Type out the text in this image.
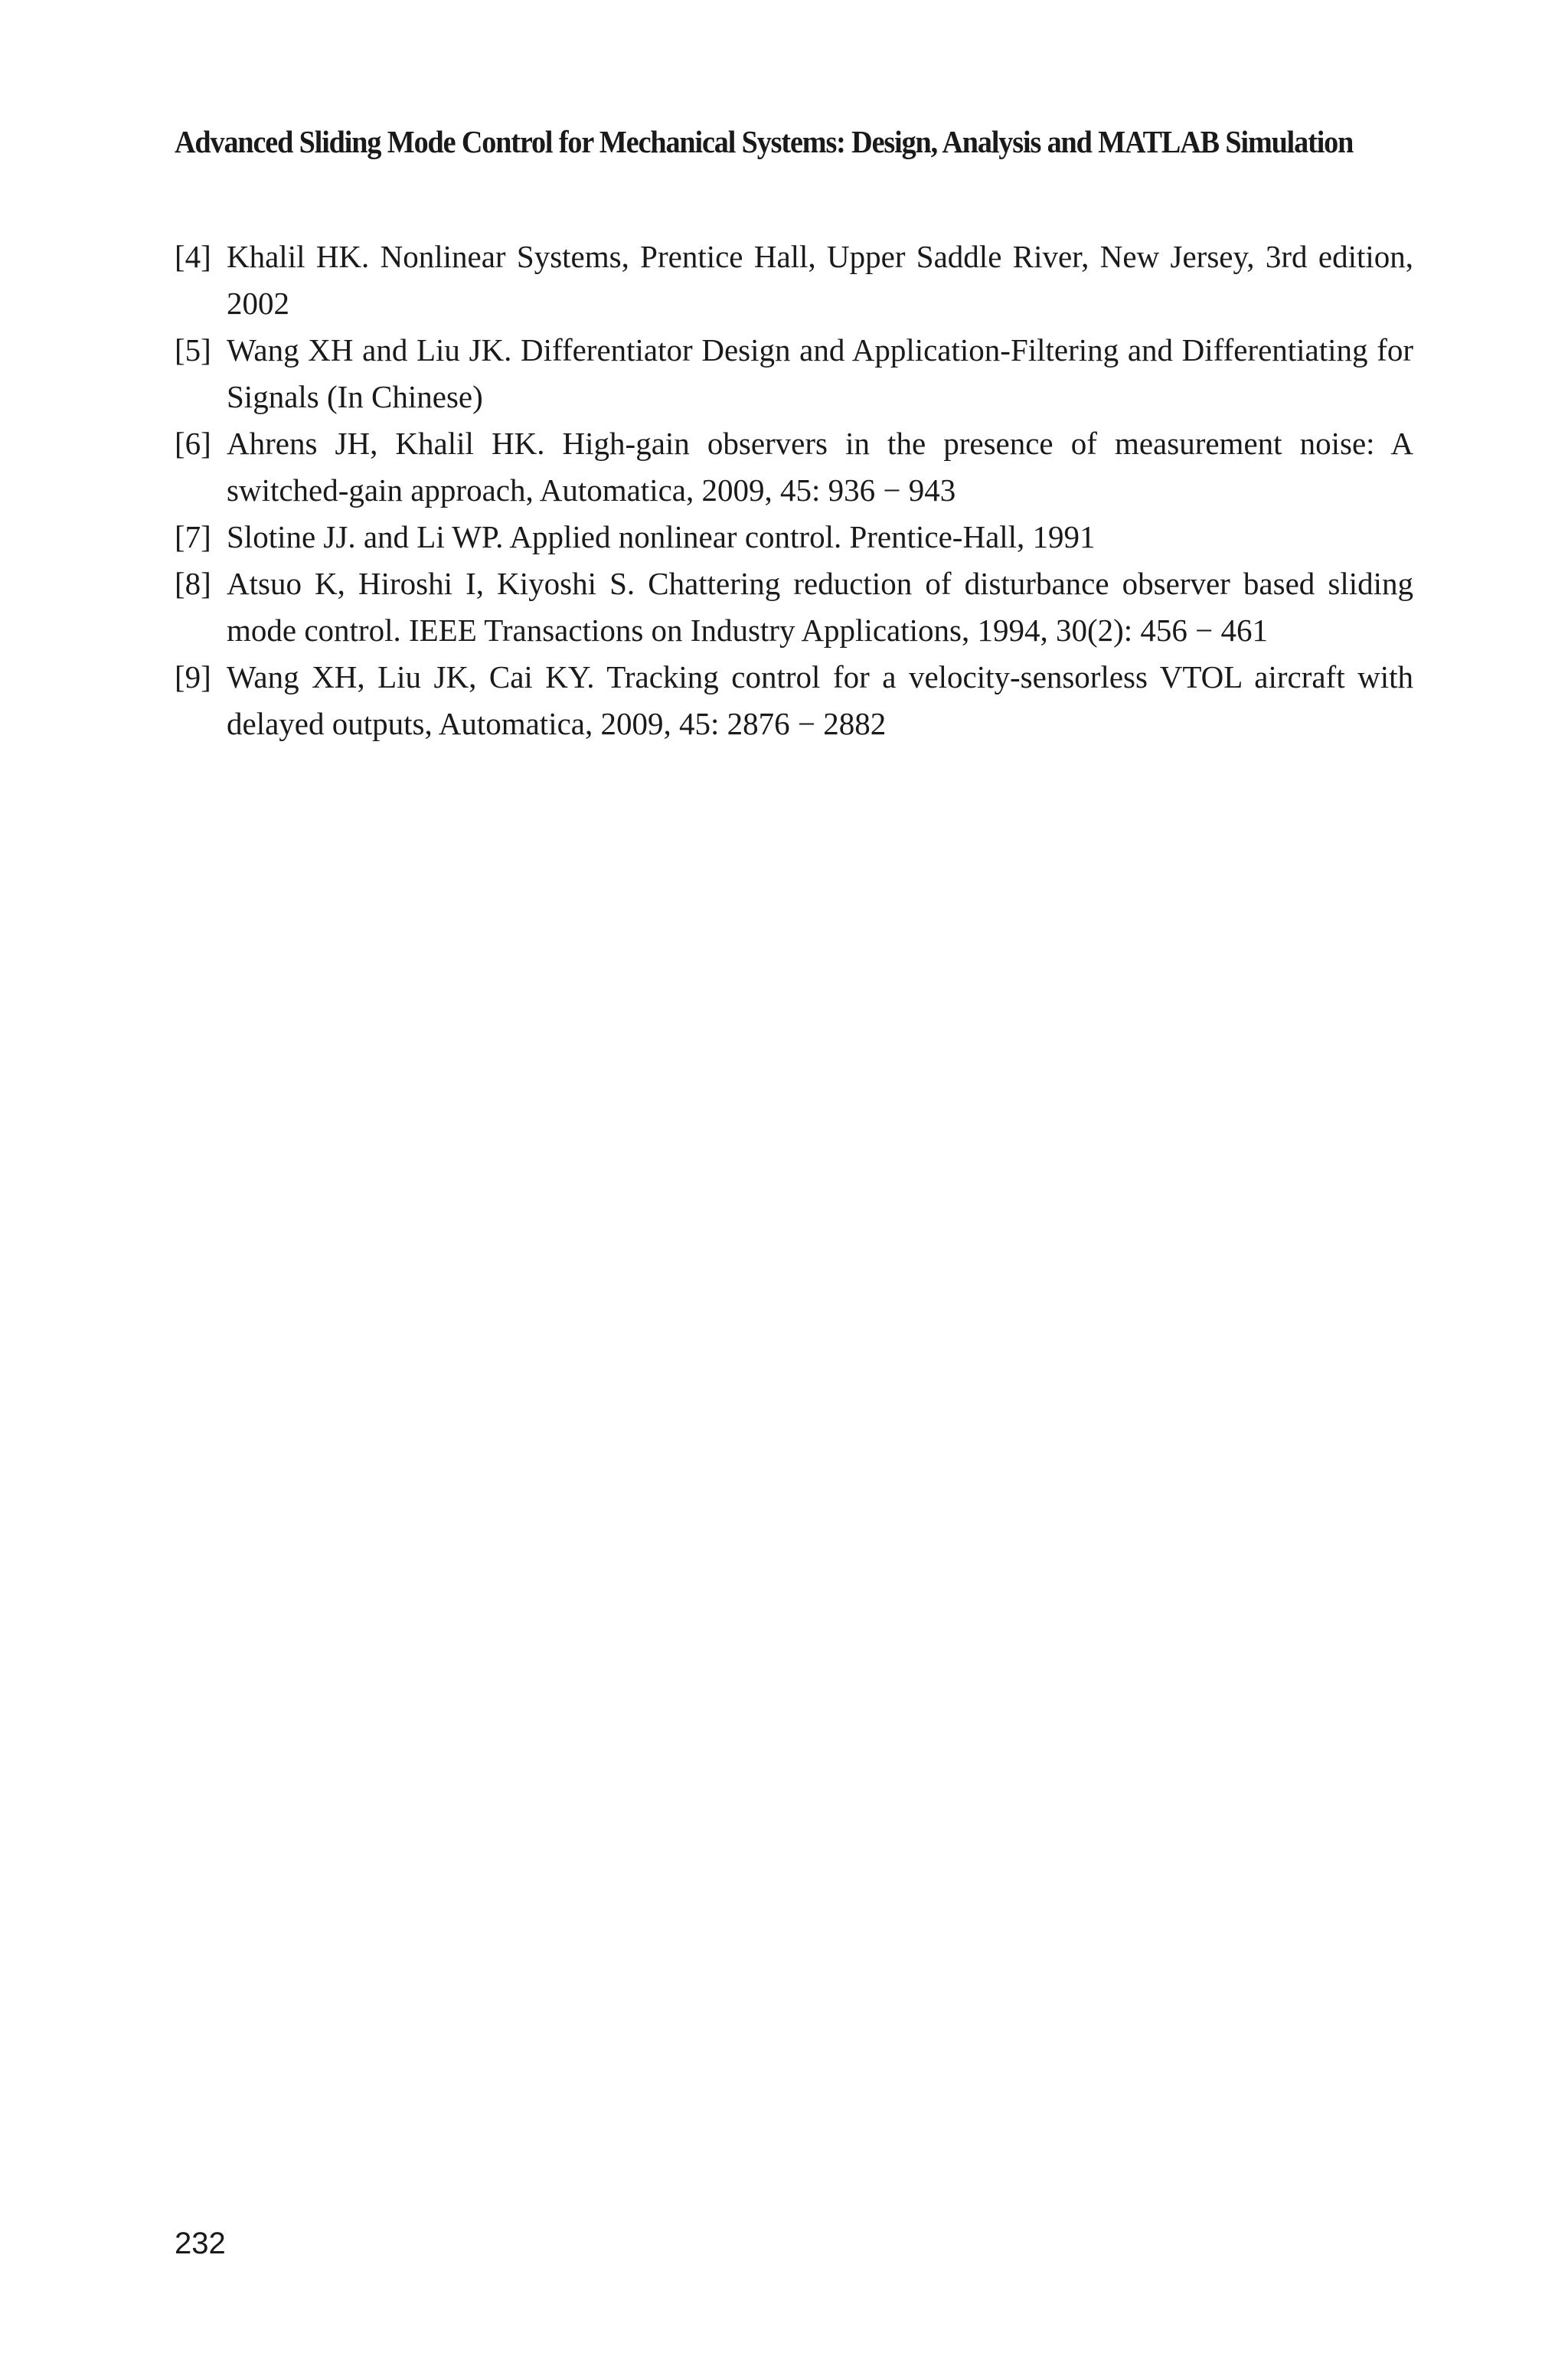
Advanced Sliding Mode Control for Mechanical Systems: Design, Analysis and MATLAB Simulation
[4] Khalil HK. Nonlinear Systems, Prentice Hall, Upper Saddle River, New Jersey, 3rd edition, 2002
[5] Wang XH and Liu JK. Differentiator Design and Application-Filtering and Differentiating for Signals (In Chinese)
[6] Ahrens JH, Khalil HK. High-gain observers in the presence of measurement noise: A switched-gain approach, Automatica, 2009, 45: 936 − 943
[7] Slotine JJ. and Li WP. Applied nonlinear control. Prentice-Hall, 1991
[8] Atsuo K, Hiroshi I, Kiyoshi S. Chattering reduction of disturbance observer based sliding mode control. IEEE Transactions on Industry Applications, 1994, 30(2): 456 − 461
[9] Wang XH, Liu JK, Cai KY. Tracking control for a velocity-sensorless VTOL aircraft with delayed outputs, Automatica, 2009, 45: 2876 − 2882
232
